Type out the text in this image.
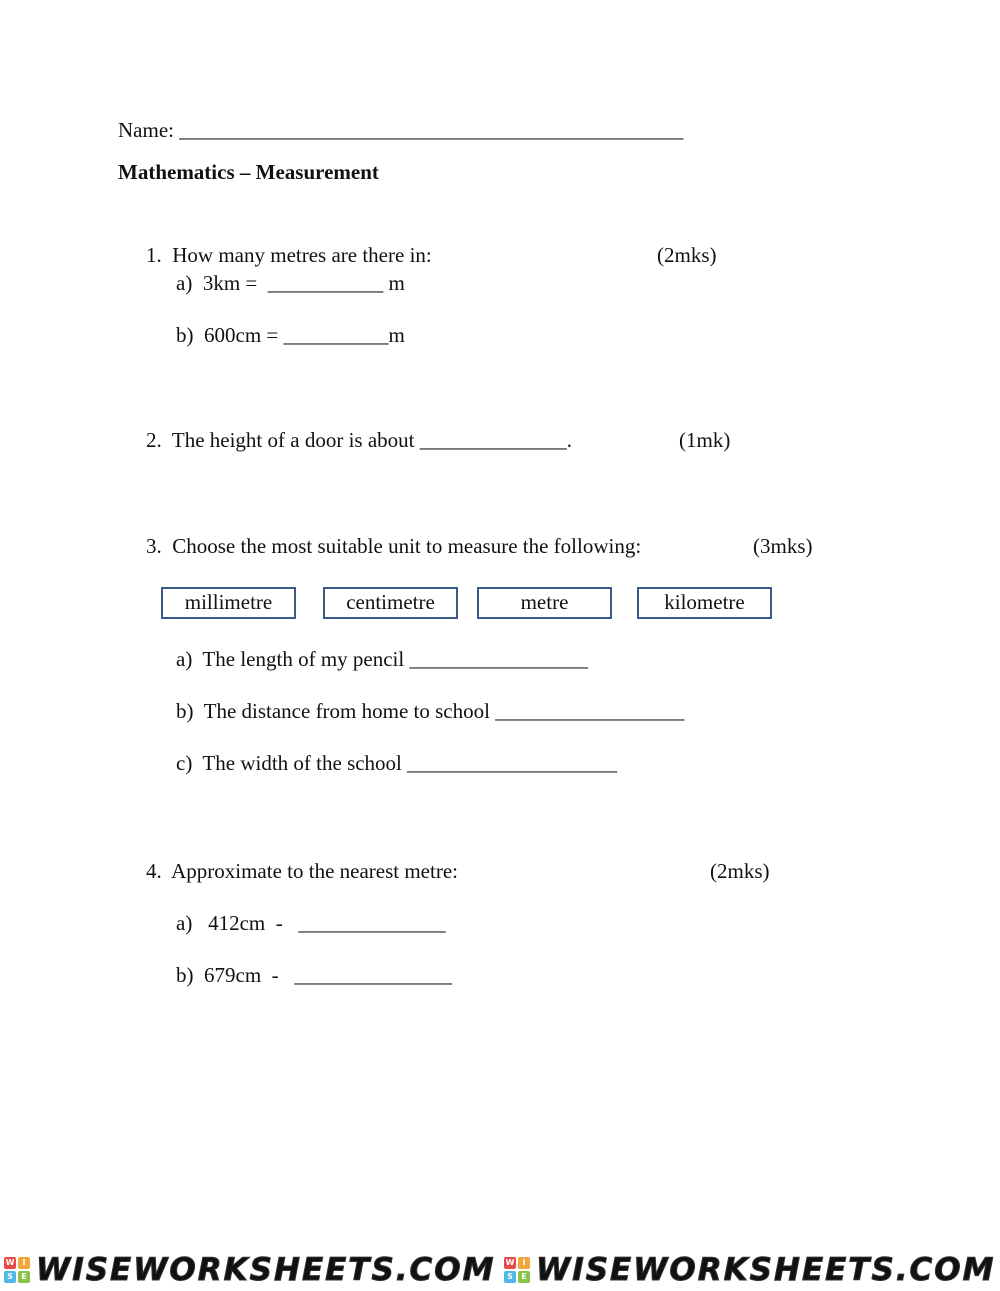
Name: ________________________________________________
Mathematics – Measurement
1.  How many metres are there in:	(2mks)
a)  3km =  ___________ m
b)  600cm = __________m
2.  The height of a door is about ______________.	(1mk)
3.  Choose the most suitable unit to measure the following:	(3mks)
millimetre	centimetre	metre	kilometre
a)  The length of my pencil _________________
b)  The distance from home to school __________________
c)  The width of the school ____________________
4.  Approximate to the nearest metre:	(2mks)
a)   412cm  -   ______________
b)  679cm  -   _______________
W	I
S	E WISEWORKSHEETS.COM W	I
S	E WISEWORKSHEETS.COM
